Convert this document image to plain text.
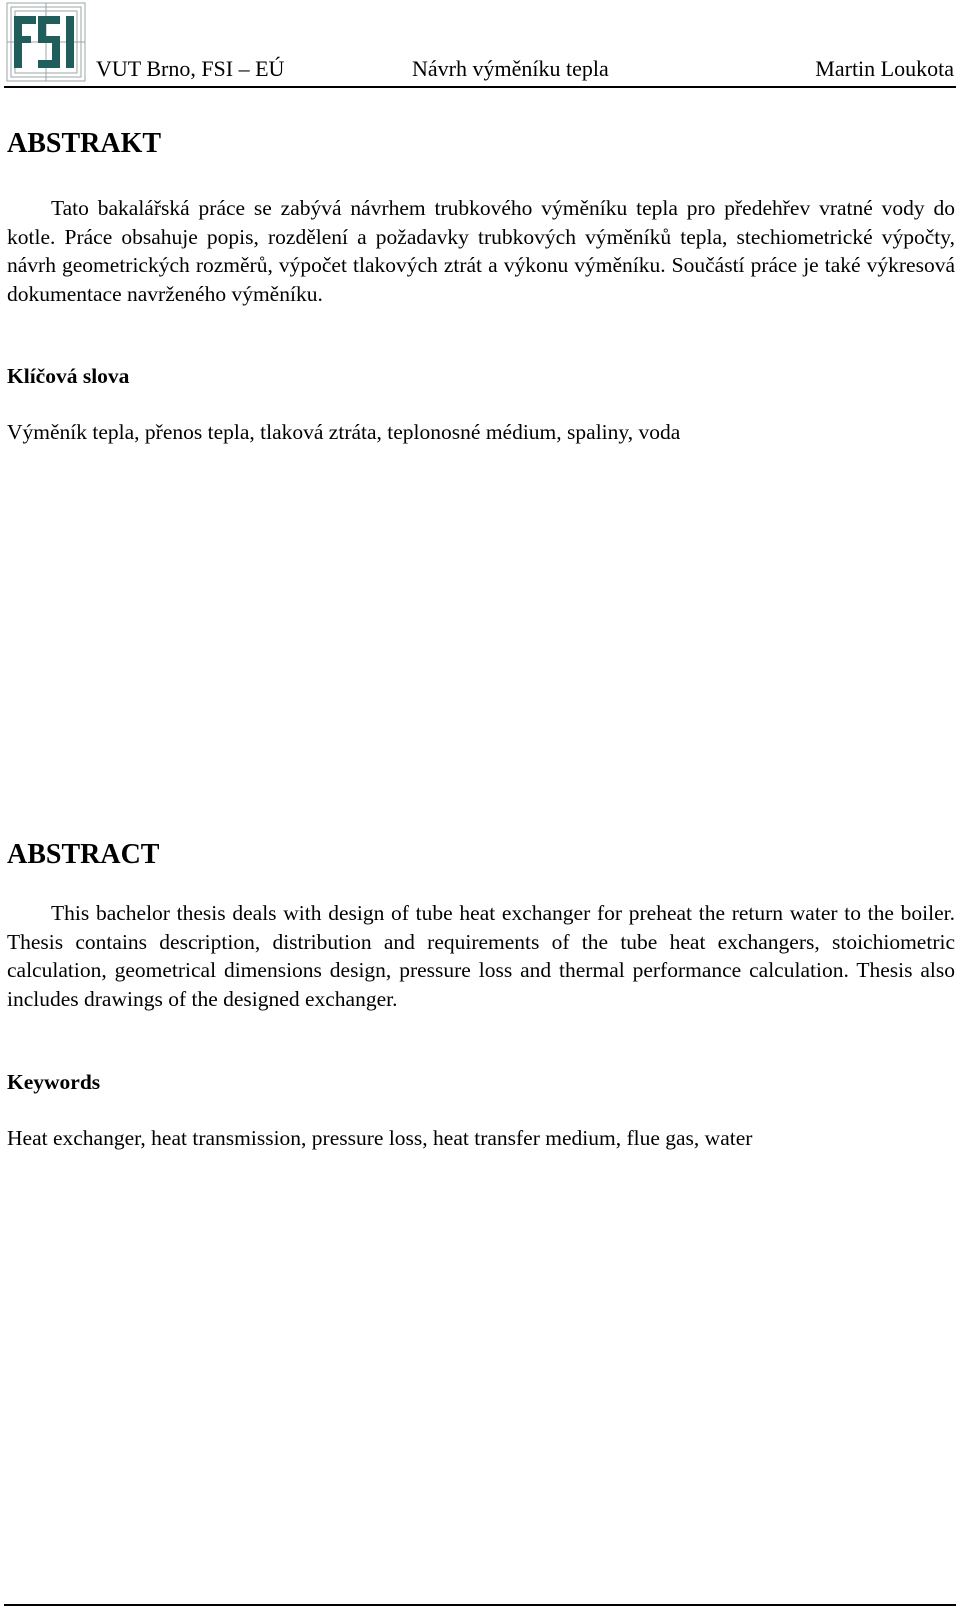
VUT Brno, FSI – EÚ	Návrh výměníku tepla	Martin Loukota
ABSTRAKT

Tato bakalářská práce se zabývá návrhem trubkového výměníku tepla pro předehřev vratné vody do kotle. Práce obsahuje popis, rozdělení a požadavky trubkových výměníků tepla, stechiometrické výpočty, návrh geometrických rozměrů, výpočet tlakových ztrát a výkonu výměníku. Součástí práce je také výkresová dokumentace navrženého výměníku.

Klíčová slova
Výměník tepla, přenos tepla, tlaková ztráta, teplonosné médium, spaliny, voda
ABSTRACT

This bachelor thesis deals with design of tube heat exchanger for preheat the return water to the boiler. Thesis contains description, distribution and requirements of the tube heat exchangers, stoichiometric calculation, geometrical dimensions design, pressure loss and thermal performance calculation. Thesis also includes drawings of the designed exchanger.

Keywords
Heat exchanger, heat transmission, pressure loss, heat transfer medium, flue gas, water
